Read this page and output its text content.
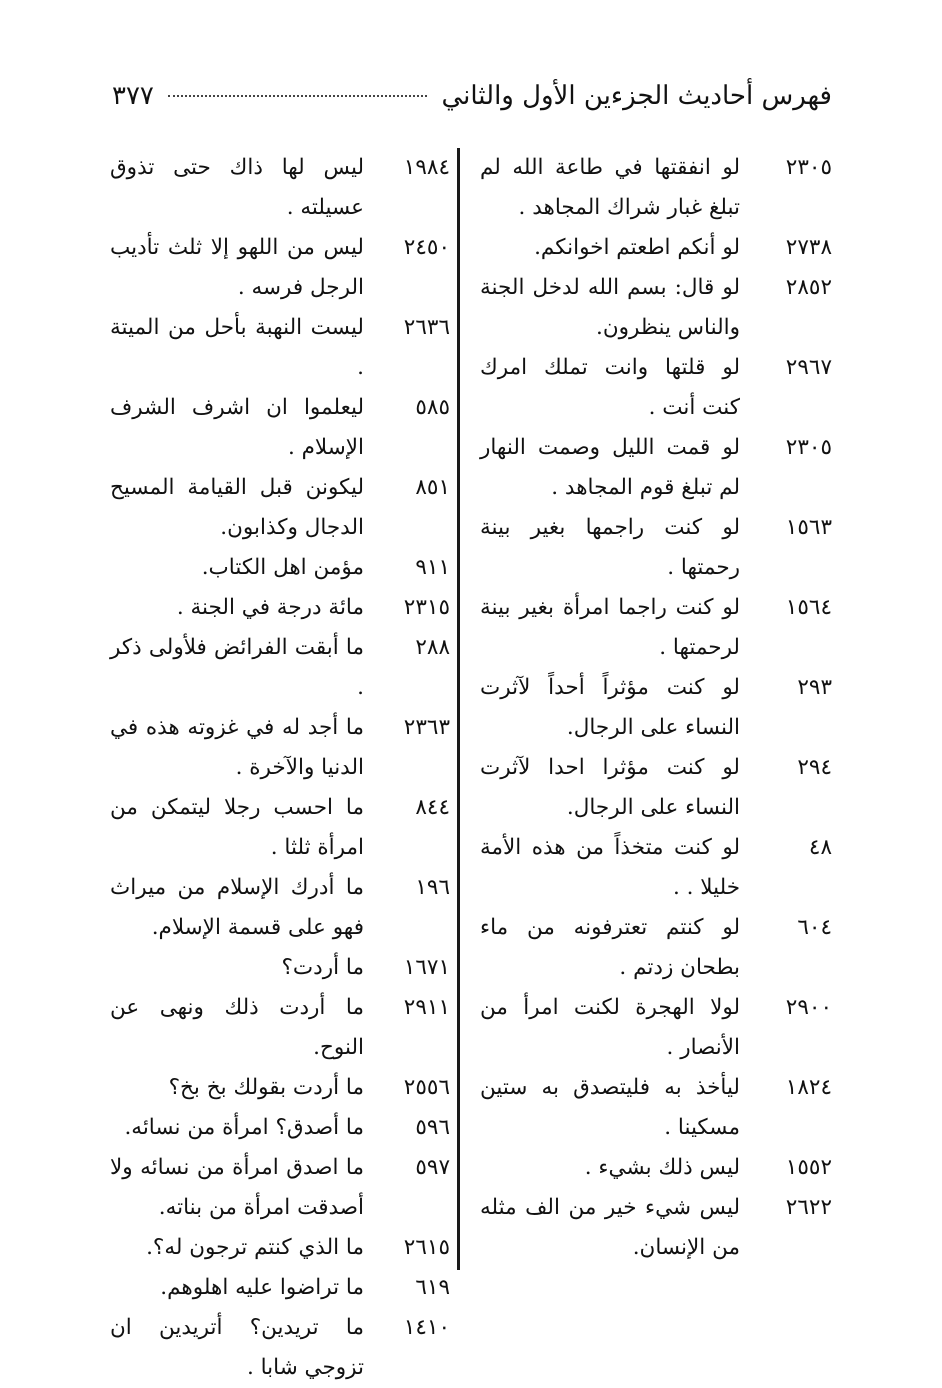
فهرس أحاديث الجزءين الأول والثاني
٣٧٧
٢٣٠٥
لو انفقتها في طاعة الله لم تبلغ غبار شراك المجاهد .
٢٧٣٨
لو أنكم اطعتم اخوانكم.
٢٨٥٢
لو قال: بسم الله لدخل الجنة والناس ينظرون.
٢٩٦٧
لو قلتها وانت تملك امرك كنت أنت .
٢٣٠٥
لو قمت الليل وصمت النهار لم تبلغ قوم المجاهد .
١٥٦٣
لو كنت راجمها بغير بينة رحمتها .
١٥٦٤
لو كنت راجما امرأة بغير بينة لرحمتها .
٢٩٣
لو كنت مؤثراً أحداً لآثرت النساء على الرجال.
٢٩٤
لو كنت مؤثرا احدا لآثرت النساء على الرجال.
٤٨
لو كنت متخذاً من هذه الأمة خليلا . .
٦٠٤
لو كنتم تعترفونه من ماء بطحان زدتم .
٢٩٠٠
لولا الهجرة لكنت امرأ من الأنصار .
١٨٢٤
ليأخذ به فليتصدق به ستين مسكينا .
١٥٥٢
ليس ذلك بشيء .
٢٦٢٢
ليس شيء خير من الف مثله من الإنسان.
١٩٨٤
ليس لها ذاك حتى تذوق عسيلته .
٢٤٥٠
ليس من اللهو إلا ثلث تأديب الرجل فرسه .
٢٦٣٦
ليست النهبة بأحل من الميتة .
٥٨٥
ليعلموا ان اشرف الشرف الإسلام .
٨٥١
ليكونن قبل القيامة المسيح الدجال وكذابون.
٩١١
مؤمن اهل الكتاب.
٢٣١٥
مائة درجة في الجنة .
٢٨٨
ما أبقت الفرائض فلأولى ذكر .
٢٣٦٣
ما أجد له في غزوته هذه في الدنيا والآخرة .
٨٤٤
ما احسب رجلا ليتمكن من امرأة ثلثا .
١٩٦
ما أدرك الإسلام من ميراث فهو على قسمة الإسلام.
١٦٧١
ما أردت؟
٢٩١١
ما أردت ذلك ونهى عن النوح.
٢٥٥٦
ما أردت بقولك بخ بخ؟
٥٩٦
ما أصدق؟ امرأة من نسائه.
٥٩٧
ما اصدق امرأة من نسائه ولا أصدقت امرأة من بناته.
٢٦١٥
ما الذي كنتم ترجون له؟.
٦١٩
ما تراضوا عليه اهلوهم.
١٤١٠
ما تريدين؟ أتريدين ان تزوجي شابا .
